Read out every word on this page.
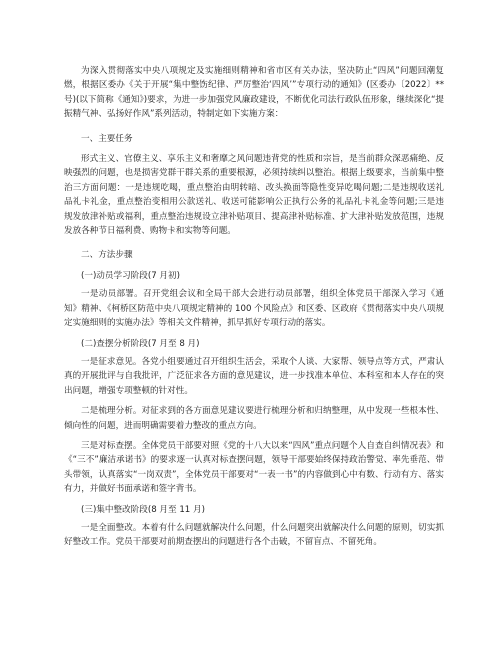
为深入贯彻落实中央八项规定及实施细则精神和省市区有关办法，坚决防止“四风”问题回潮复燃，根据区委办《关于开展“集中整饬纪律、严厉整治‘四风’”专项行动的通知》(区委办〔2022〕**号)(以下简称《通知》)要求，为进一步加强党风廉政建设，不断优化司法行政队伍形象，继续深化“提振精气神、弘扬好作风”系列活动，特制定如下实施方案：

一、主要任务

形式主义、官僚主义、享乐主义和奢靡之风问题违背党的性质和宗旨，是当前群众深恶痛绝、反映强烈的问题，也是损害党群干群关系的重要根源，必须持续纠以整治。根据上级要求，当前集中整治三方面问题：一是违规吃喝，重点整治由明转暗、改头换面等隐性变异吃喝问题;二是违规收送礼品礼卡礼金，重点整治变相用公款送礼、收送可能影响公正执行公务的礼品礼卡礼金等问题;三是违规发放津补贴或福利，重点整治违规设立津补贴项目、提高津补贴标准、扩大津补贴发放范围，违规发放各种节日福利费、购物卡和实物等问题。

二、方法步骤

(一)动员学习阶段(7 月初)

一是动员部署。召开党组会议和全局干部大会进行动员部署，组织全体党员干部深入学习《通知》精神、《柯桥区防范中央八项规定精神的 100 个风险点》和区委、区政府《贯彻落实中央八项规定实施细则的实施办法》等相关文件精神，抓早抓好专项行动的落实。

(二)查摆分析阶段(7 月至 8 月)

一是征求意见。各党小组要通过召开组织生活会，采取个人谈、大家帮、领导点等方式，严肃认真的开展批评与自我批评，广泛征求各方面的意见建议，进一步找准本单位、本科室和本人存在的突出问题，增强专项整顿的针对性。

二是梳理分析。对征求到的各方面意见建议要进行梳理分析和归纳整理，从中发现一些根本性、倾向性的问题，进而明确需要着力整改的重点方向。

三是对标查摆。全体党员干部要对照《党的十八大以来“四风”重点问题个人自查自纠情况表》和《“三不”廉洁承诺书》的要求逐一认真对标查摆问题，领导干部要始终保持政治警觉、率先垂范、带头带领，认真落实“一岗双责”，全体党员干部要对“一表一书”的内容做到心中有数、行动有方、落实有力，并做好书面承诺和签字背书。

(三)集中整改阶段(8 月至 11 月)

一是全面整改。本着有什么问题就解决什么问题，什么问题突出就解决什么问题的原则，切实抓好整改工作。党员干部要对前期查摆出的问题进行各个击破，不留盲点、不留死角。
